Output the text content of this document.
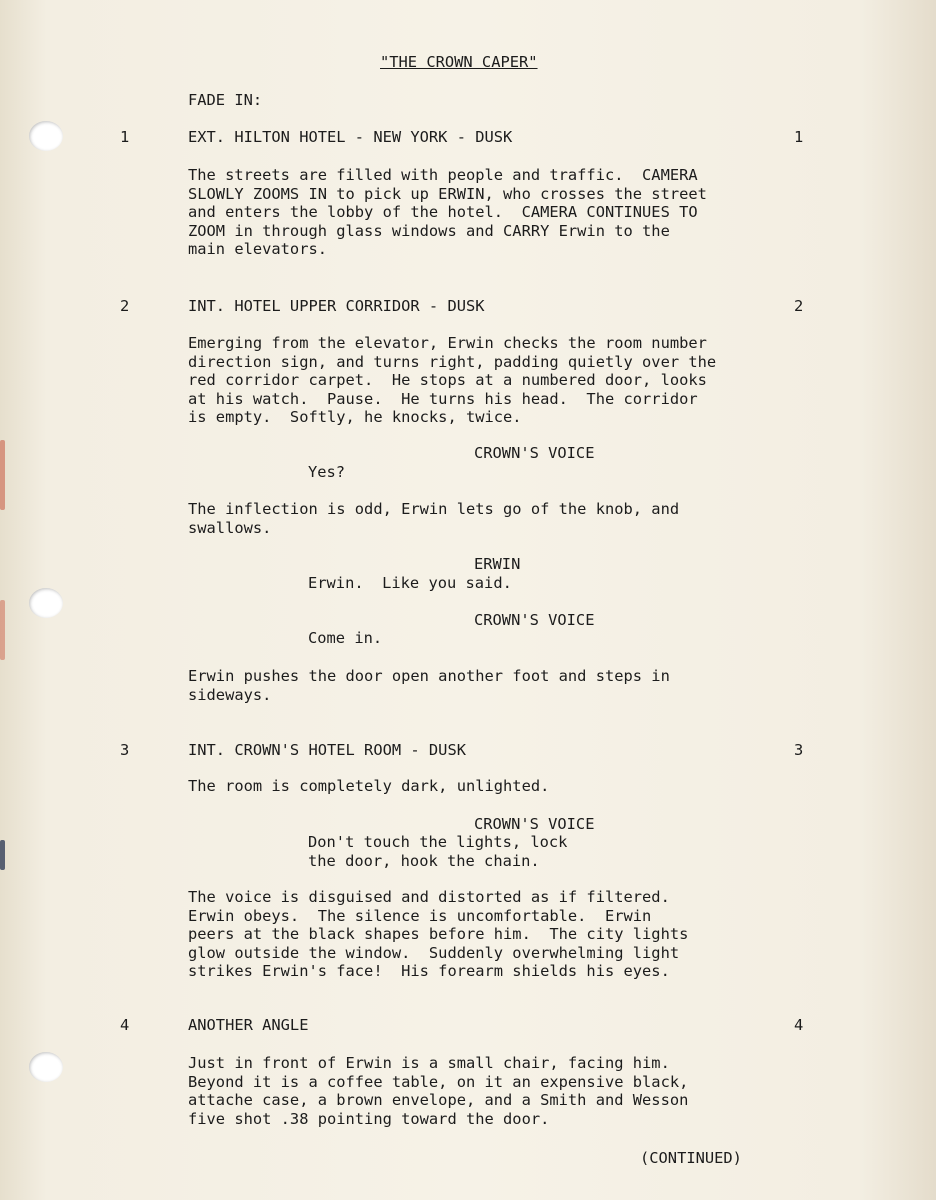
"THE CROWN CAPER"
FADE IN:
1	EXT. HILTON HOTEL - NEW YORK - DUSK	1
The streets are filled with people and traffic.  CAMERA
SLOWLY ZOOMS IN to pick up ERWIN, who crosses the street
and enters the lobby of the hotel.  CAMERA CONTINUES TO
ZOOM in through glass windows and CARRY Erwin to the
main elevators.
2	INT. HOTEL UPPER CORRIDOR - DUSK	2
Emerging from the elevator, Erwin checks the room number
direction sign, and turns right, padding quietly over the
red corridor carpet.  He stops at a numbered door, looks
at his watch.  Pause.  He turns his head.  The corridor
is empty.  Softly, he knocks, twice.
CROWN'S VOICE
Yes?
The inflection is odd, Erwin lets go of the knob, and
swallows.
ERWIN
Erwin.  Like you said.
CROWN'S VOICE
Come in.
Erwin pushes the door open another foot and steps in
sideways.
3	INT. CROWN'S HOTEL ROOM - DUSK	3
The room is completely dark, unlighted.
CROWN'S VOICE
Don't touch the lights, lock
the door, hook the chain.
The voice is disguised and distorted as if filtered.
Erwin obeys.  The silence is uncomfortable.  Erwin
peers at the black shapes before him.  The city lights
glow outside the window.  Suddenly overwhelming light
strikes Erwin's face!  His forearm shields his eyes.
4	ANOTHER ANGLE	4
Just in front of Erwin is a small chair, facing him.
Beyond it is a coffee table, on it an expensive black,
attache case, a brown envelope, and a Smith and Wesson
five shot .38 pointing toward the door.
(CONTINUED)
